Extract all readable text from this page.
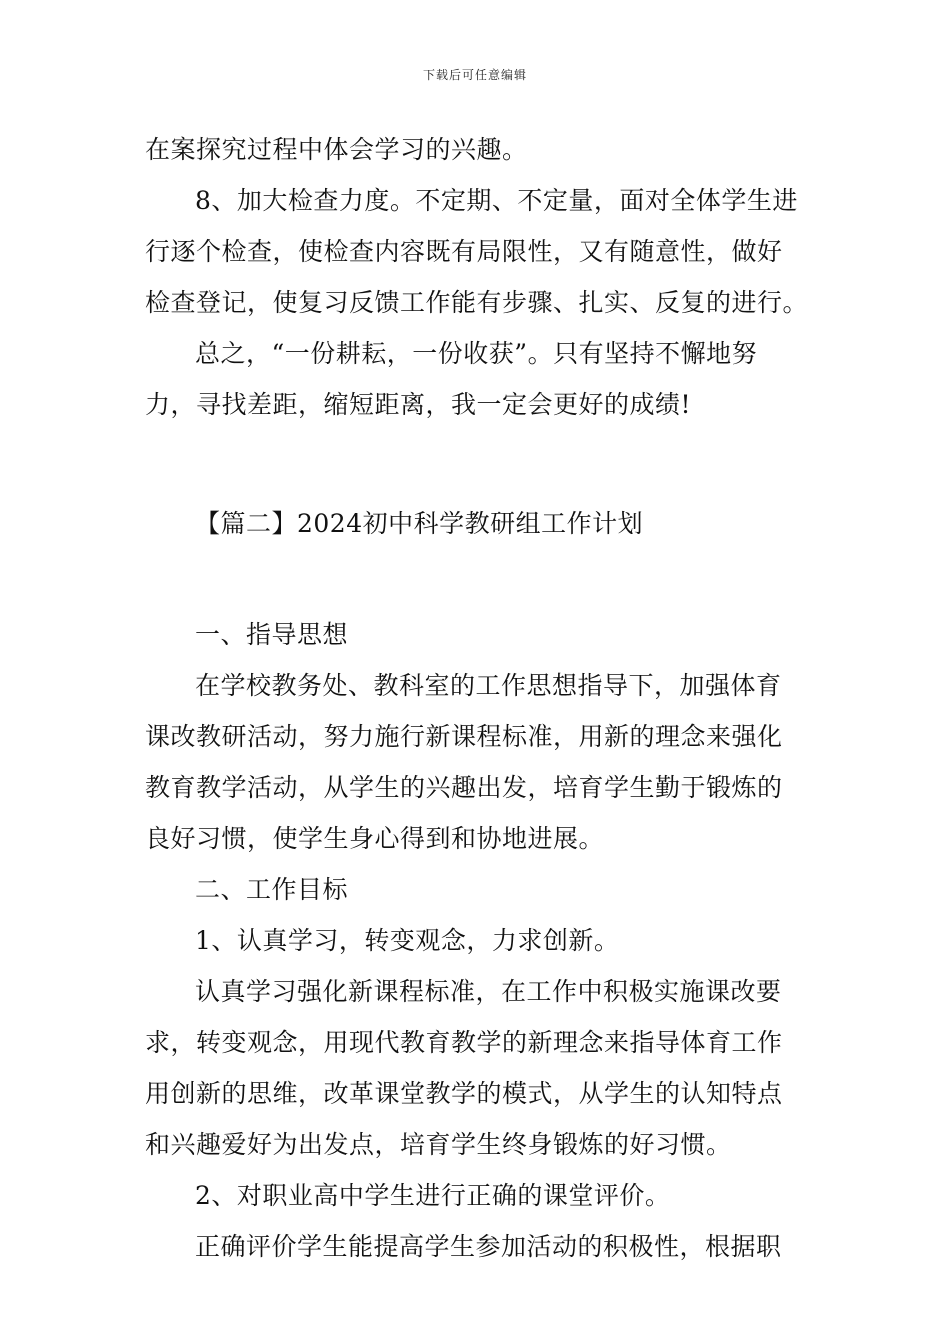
下载后可任意编辑
在案探究过程中体会学习的兴趣。
8、加大检查力度。不定期、不定量，面对全体学生进
行逐个检查，使检查内容既有局限性，又有随意性，做好
检查登记，使复习反馈工作能有步骤、扎实、反复的进行。
总之，“一份耕耘，一份收获”。只有坚持不懈地努
力，寻找差距，缩短距离，我一定会更好的成绩!
【篇二】2024初中科学教研组工作计划
一、指导思想
在学校教务处、教科室的工作思想指导下，加强体育
课改教研活动，努力施行新课程标准，用新的理念来强化
教育教学活动，从学生的兴趣出发，培育学生勤于锻炼的
良好习惯，使学生身心得到和协地进展。
二、工作目标
1、认真学习，转变观念，力求创新。
认真学习强化新课程标准，在工作中积极实施课改要
求，转变观念，用现代教育教学的新理念来指导体育工作
用创新的思维，改革课堂教学的模式，从学生的认知特点
和兴趣爱好为出发点，培育学生终身锻炼的好习惯。
2、对职业高中学生进行正确的课堂评价。
正确评价学生能提高学生参加活动的积极性，根据职
